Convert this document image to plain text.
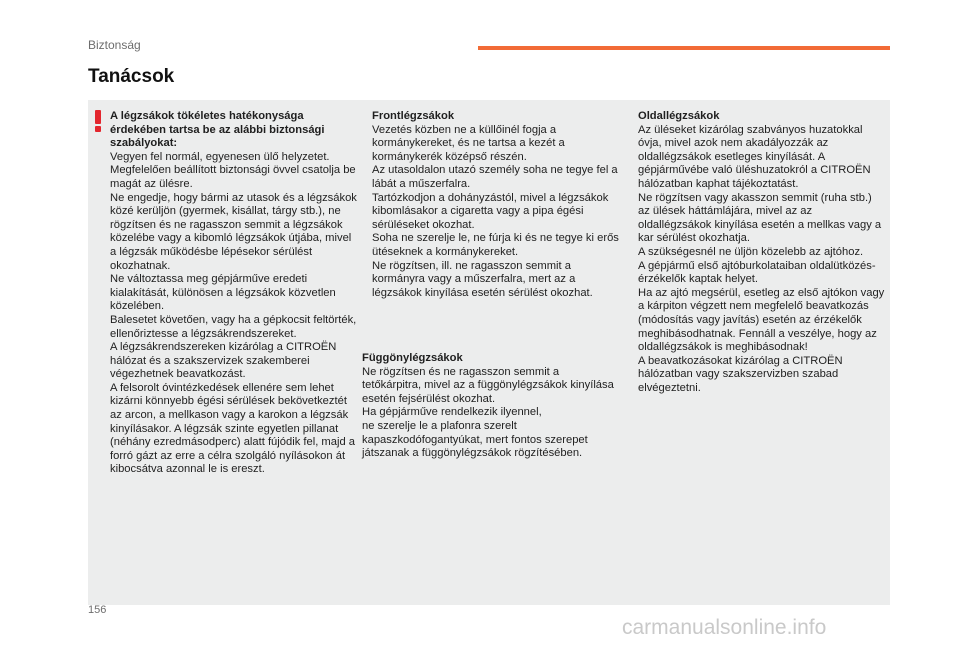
Biztonság
Tanácsok

A légzsákok tökéletes hatékonysága érdekében tartsa be az alábbi biztonsági szabályokat:

Vegyen fel normál, egyenesen ülő helyzetet.
Megfelelően beállított biztonsági övvel csatolja be magát az ülésre.
Ne engedje, hogy bármi az utasok és a légzsákok közé kerüljön (gyermek, kisállat, tárgy stb.), ne rögzítsen és ne ragasszon semmit a légzsákok közelébe vagy a kibomló légzsákok útjába, mivel a légzsák működésbe lépésekor sérülést okozhatnak.
Ne változtassa meg gépjárműve eredeti kialakítását, különösen a légzsákok közvetlen közelében.
Balesetet követően, vagy ha a gépkocsit feltörték, ellenőriztesse a légzsákrendszereket.
A légzsákrendszereken kizárólag a CITROËN hálózat és a szakszervizek szakemberei végezhetnek beavatkozást.
A felsorolt óvintézkedések ellenére sem lehet kizárni könnyebb égési sérülések bekövetkeztét az arcon, a mellkason vagy a karokon a légzsák kinyílásakor. A légzsák szinte egyetlen pillanat (néhány ezredmásodperc) alatt fújódik fel, majd a forró gázt az erre a célra szolgáló nyílásokon át kibocsátva azonnal le is ereszt.

Frontlégzsákok

Vezetés közben ne a küllőinél fogja a kormánykereket, és ne tartsa a kezét a kormánykerék középső részén.
Az utasoldalon utazó személy soha ne tegye fel a lábát a műszerfalra.
Tartózkodjon a dohányzástól, mivel a légzsákok kibomlásakor a cigaretta vagy a pipa égési sérüléseket okozhat.
Soha ne szerelje le, ne fúrja ki és ne tegye ki erős ütéseknek a kormánykereket.
Ne rögzítsen, ill. ne ragasszon semmit a kormányra vagy a műszerfalra, mert az a légzsákok kinyílása esetén sérülést okozhat.

Függönylégzsákok

Ne rögzítsen és ne ragasszon semmit a tetőkárpitra, mivel az a függönylégzsákok kinyílása esetén fejsérülést okozhat.
Ha gépjárműve rendelkezik ilyennel,
ne szerelje le a plafonra szerelt kapaszkodófogantyúkat, mert fontos szerepet játszanak a függönylégzsákok rögzítésében.

Oldallégzsákok

Az üléseket kizárólag szabványos huzatokkal óvja, mivel azok nem akadályozzák az oldallégzsákok esetleges kinyílását. A gépjárművébe való üléshuzatokról a CITROËN hálózatban kaphat tájékoztatást.
Ne rögzítsen vagy akasszon semmit (ruha stb.) az ülések háttámlájára, mivel az az oldallégzsákok kinyílása esetén a mellkas vagy a kar sérülést okozhatja.
A szükségesnél ne üljön közelebb az ajtóhoz.
A gépjármű első ajtóburkolataiban oldalütközés-érzékelők kaptak helyet.
Ha az ajtó megsérül, esetleg az első ajtókon vagy a kárpiton végzett nem megfelelő beavatkozás (módosítás vagy javítás) esetén az érzékelők meghibásodhatnak. Fennáll a veszélye, hogy az oldallégzsákok is meghibásodnak!
A beavatkozásokat kizárólag a CITROËN hálózatban vagy szakszervizben szabad elvégeztetni.

156
carmanualsonline.info
